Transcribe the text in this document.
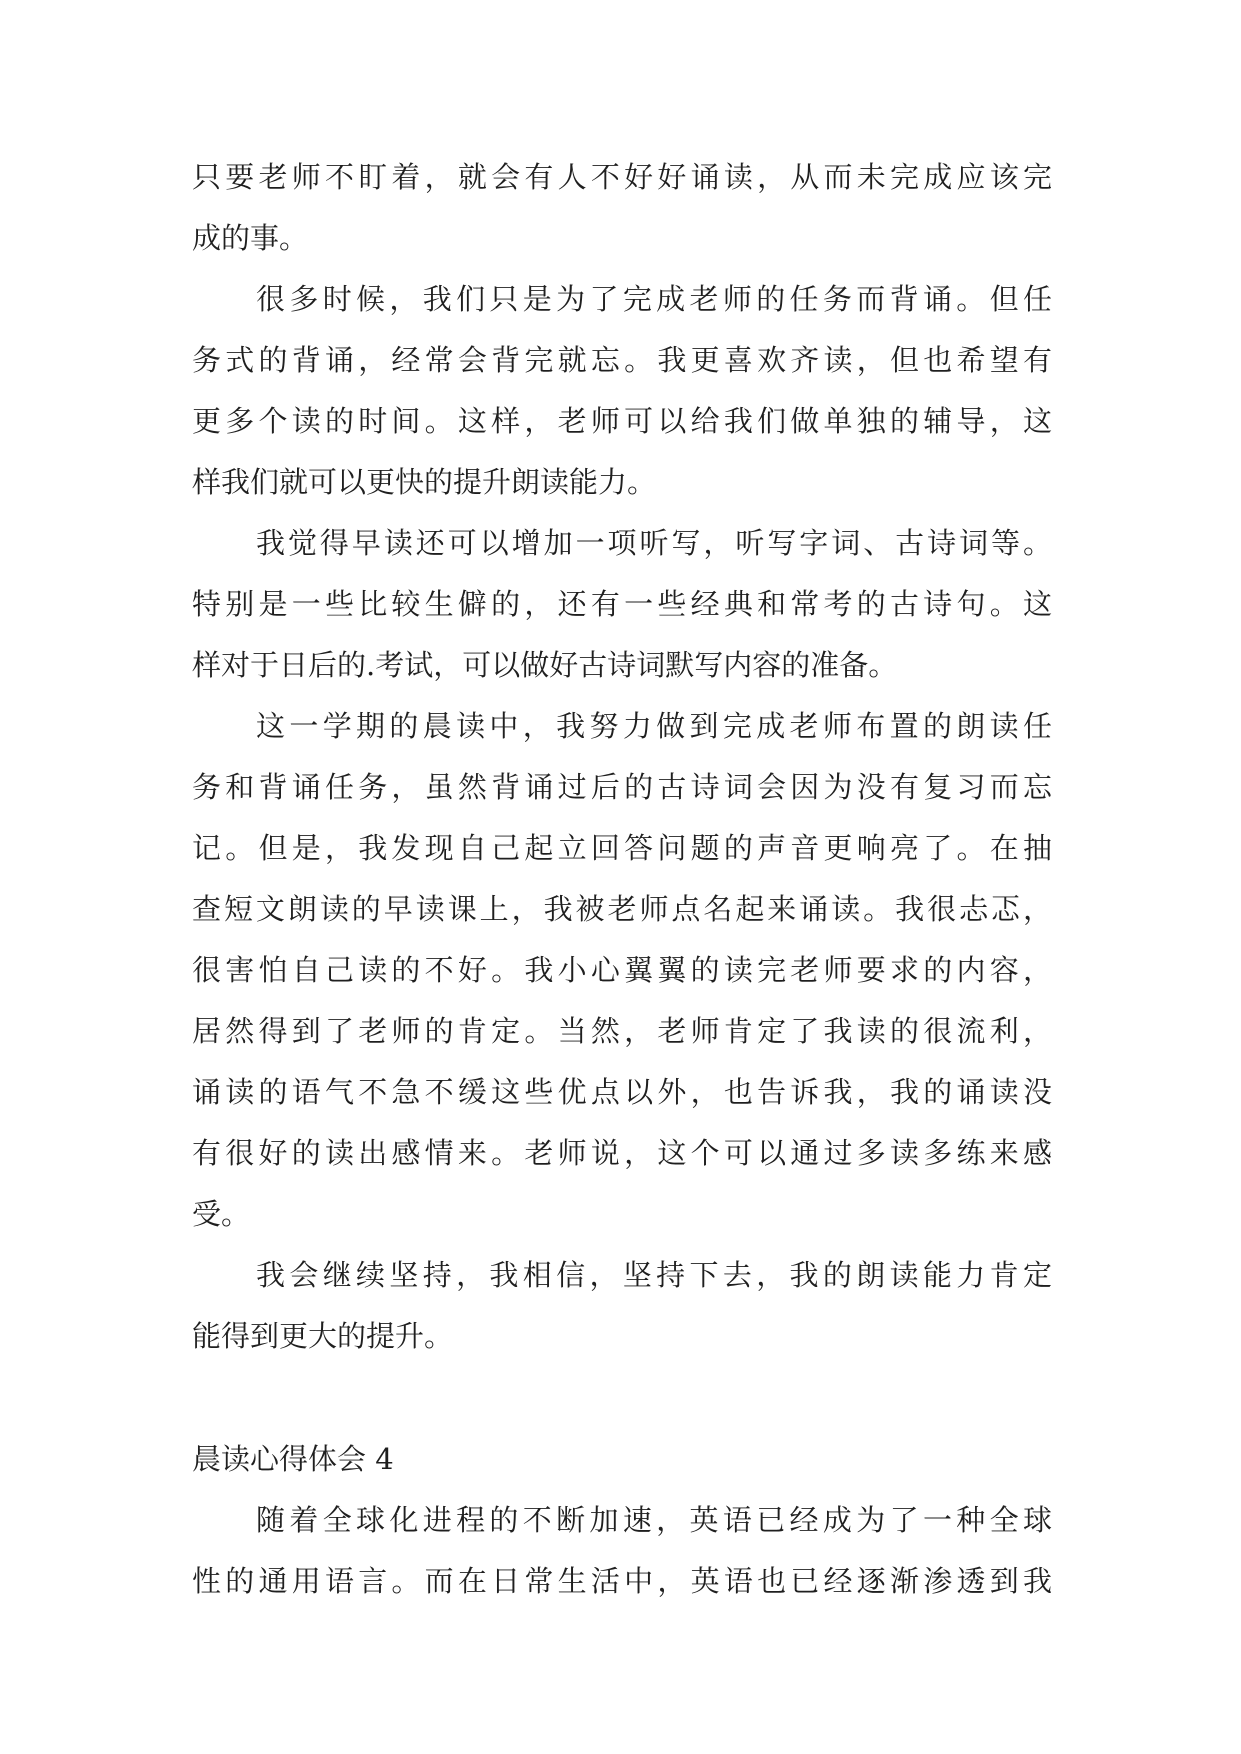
只要老师不盯着，就会有人不好好诵读，从而未完成应该完
成的事。
很多时候，我们只是为了完成老师的任务而背诵。但任
务式的背诵，经常会背完就忘。我更喜欢齐读，但也希望有
更多个读的时间。这样，老师可以给我们做单独的辅导，这
样我们就可以更快的提升朗读能力。
我觉得早读还可以增加一项听写，听写字词、古诗词等。
特别是一些比较生僻的，还有一些经典和常考的古诗句。这
样对于日后的.考试，可以做好古诗词默写内容的准备。
这一学期的晨读中，我努力做到完成老师布置的朗读任
务和背诵任务，虽然背诵过后的古诗词会因为没有复习而忘
记。但是，我发现自己起立回答问题的声音更响亮了。在抽
查短文朗读的早读课上，我被老师点名起来诵读。我很忐忑，
很害怕自己读的不好。我小心翼翼的读完老师要求的内容，
居然得到了老师的肯定。当然，老师肯定了我读的很流利，
诵读的语气不急不缓这些优点以外，也告诉我，我的诵读没
有很好的读出感情来。老师说，这个可以通过多读多练来感
受。
我会继续坚持，我相信，坚持下去，我的朗读能力肯定
能得到更大的提升。
晨读心得体会 4
随着全球化进程的不断加速，英语已经成为了一种全球
性的通用语言。而在日常生活中，英语也已经逐渐渗透到我
